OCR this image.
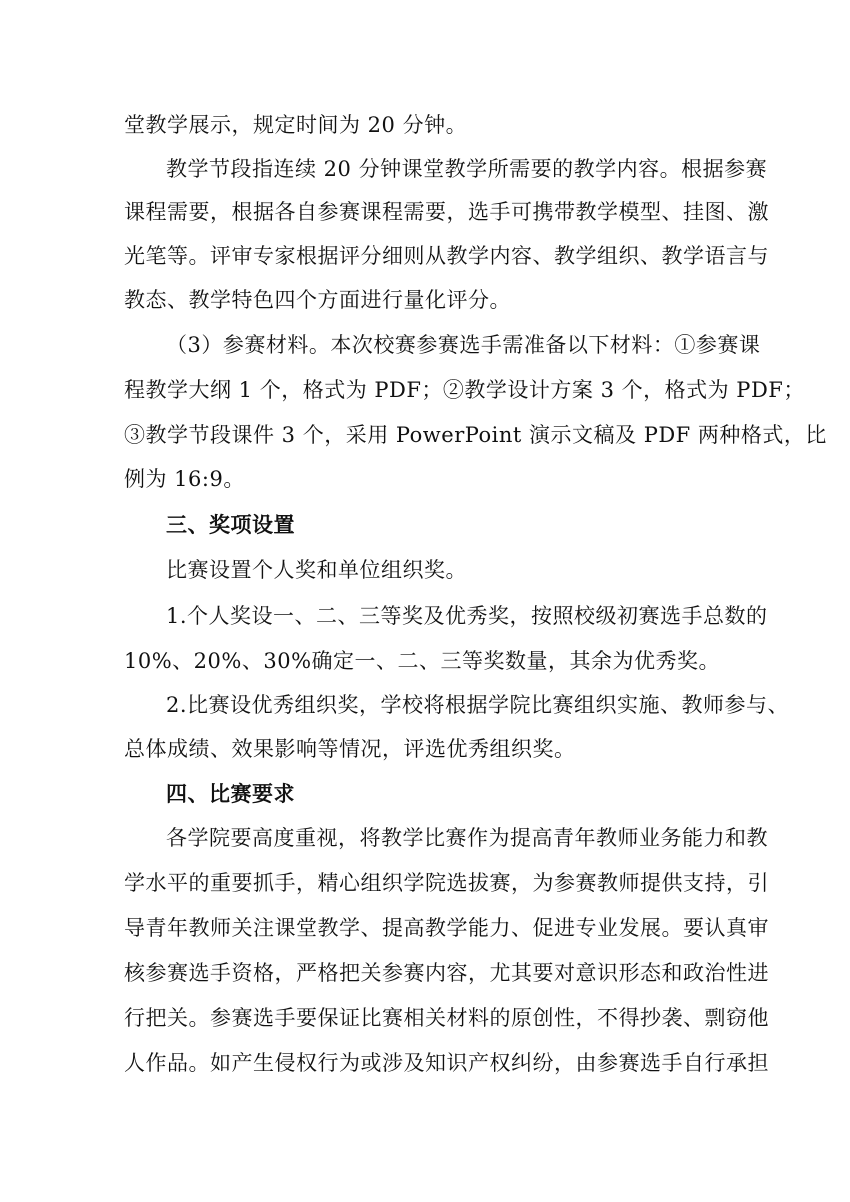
堂教学展示，规定时间为 20 分钟。
教学节段指连续 20 分钟课堂教学所需要的教学内容。根据参赛
课程需要，根据各自参赛课程需要，选手可携带教学模型、挂图、激
光笔等。评审专家根据评分细则从教学内容、教学组织、教学语言与
教态、教学特色四个方面进行量化评分。
（3）参赛材料。本次校赛参赛选手需准备以下材料：①参赛课
程教学大纲 1 个，格式为 PDF；②教学设计方案 3 个，格式为 PDF；
③教学节段课件 3 个，采用 PowerPoint 演示文稿及 PDF 两种格式，比
例为 16:9。
三、奖项设置
比赛设置个人奖和单位组织奖。
1.个人奖设一、二、三等奖及优秀奖，按照校级初赛选手总数的
10%、20%、30%确定一、二、三等奖数量，其余为优秀奖。
2.比赛设优秀组织奖，学校将根据学院比赛组织实施、教师参与、
总体成绩、效果影响等情况，评选优秀组织奖。
四、比赛要求
各学院要高度重视，将教学比赛作为提高青年教师业务能力和教
学水平的重要抓手，精心组织学院选拔赛，为参赛教师提供支持，引
导青年教师关注课堂教学、提高教学能力、促进专业发展。要认真审
核参赛选手资格，严格把关参赛内容，尤其要对意识形态和政治性进
行把关。参赛选手要保证比赛相关材料的原创性，不得抄袭、剽窃他
人作品。如产生侵权行为或涉及知识产权纠纷，由参赛选手自行承担
